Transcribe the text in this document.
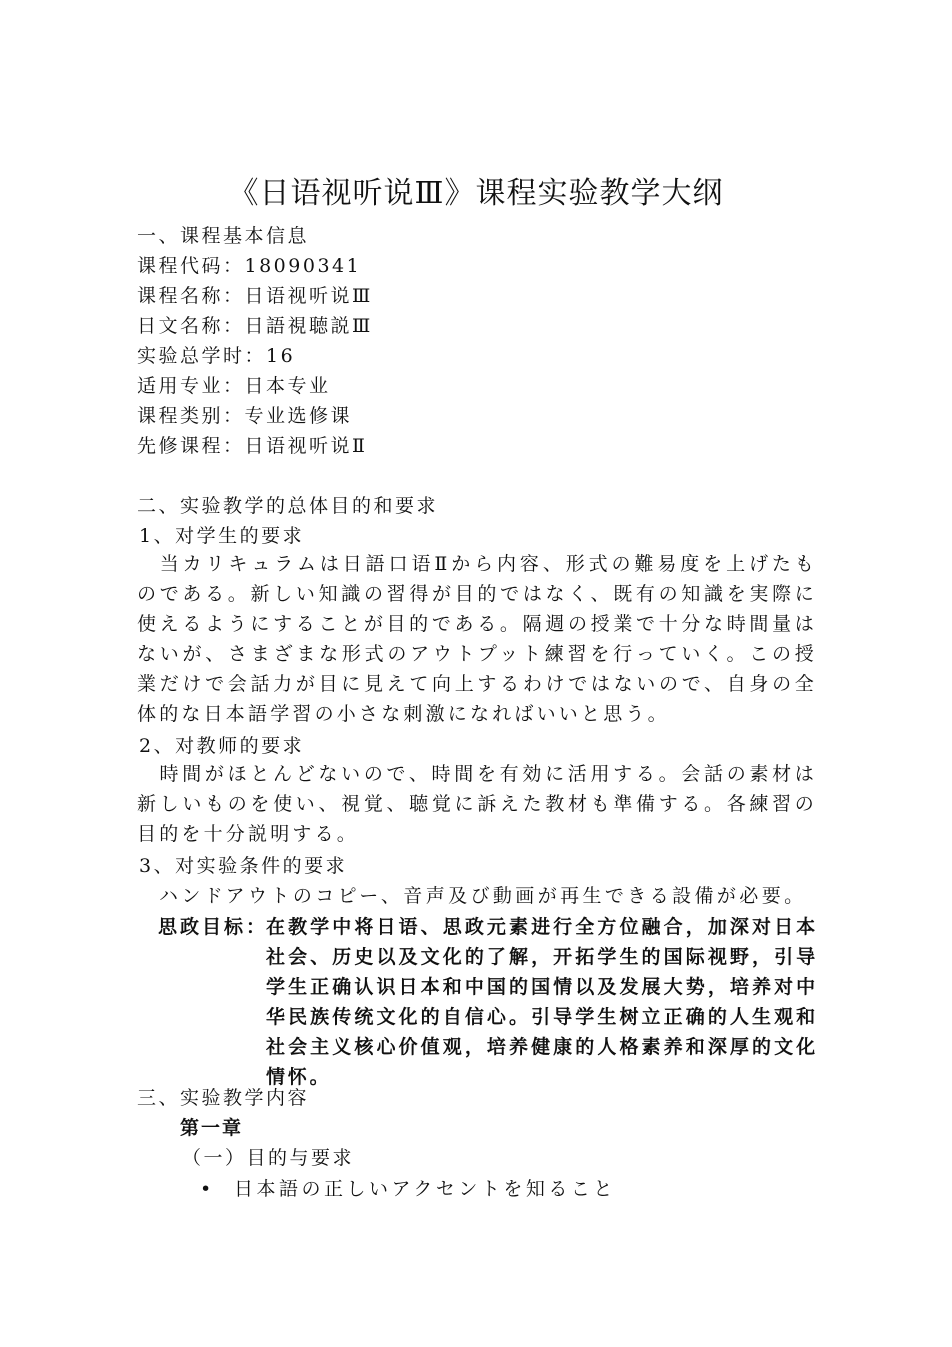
《日语视听说Ⅲ》课程实验教学大纲
一、课程基本信息
课程代码：18090341
课程名称：日语视听说Ⅲ
日文名称：日語視聴説Ⅲ
实验总学时：16
适用专业：日本专业
课程类别：专业选修课
先修课程：日语视听说Ⅱ
二、实验教学的总体目的和要求
1、对学生的要求
当カリキュラムは日語口语Ⅱから内容、形式の難易度を上げたものである。新しい知識の習得が目的ではなく、既有の知識を実際に使えるようにすることが目的である。隔週の授業で十分な時間量はないが、さまざまな形式のアウトプット練習を行っていく。この授業だけで会話力が目に見えて向上するわけではないので、自身の全体的な日本語学習の小さな刺激になればいいと思う。
2、对教师的要求
時間がほとんどないので、時間を有効に活用する。会話の素材は新しいものを使い、視覚、聴覚に訴えた教材も準備する。各練習の目的を十分説明する。
3、对实验条件的要求
ハンドアウトのコピー、音声及び動画が再生できる設備が必要。
思政目标：
在教学中将日语、思政元素进行全方位融合，加深对日本社会、历史以及文化的了解，开拓学生的国际视野，引导学生正确认识日本和中国的国情以及发展大势，培养对中华民族传统文化的自信心。引导学生树立正确的人生观和社会主义核心价值观，培养健康的人格素养和深厚的文化情怀。
三、实验教学内容
第一章
（一）目的与要求
• 日本語の正しいアクセントを知ること
